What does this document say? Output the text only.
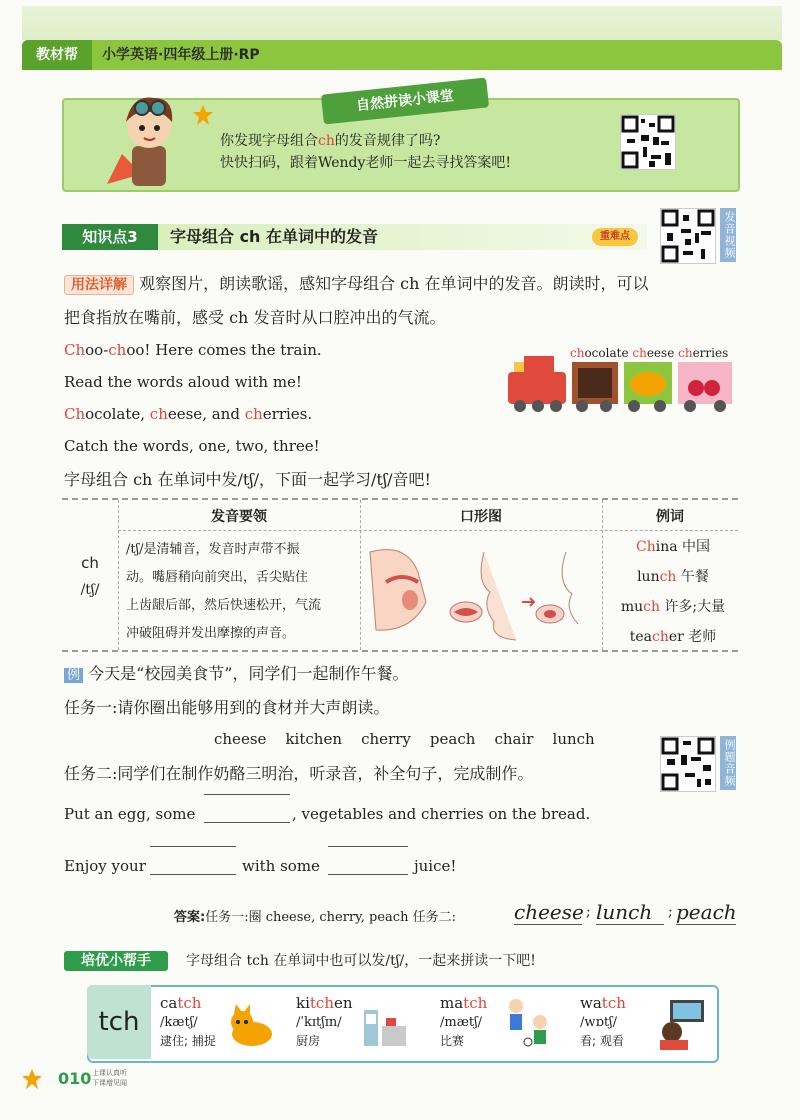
教材帮	小学英语·四年级上册·RP
自然拼读小课堂
你发现字母组合ch的发音规律了吗?
快快扫码，跟着Wendy老师一起去寻找答案吧!
知识点3	字母组合 ch 在单词中的发音	重难点	发音视频
用法详解 观察图片，朗读歌谣，感知字母组合 ch 在单词中的发音。朗读时，可以
把食指放在嘴前，感受 ch 发音时从口腔冲出的气流。
Choo-choo! Here comes the train.
Read the words aloud with me!
Chocolate, cheese, and cherries.
Catch the words, one, two, three!
chocolate cheese cherries
字母组合 ch 在单词中发/tʃ/，下面一起学习/tʃ/音吧!
发音要领	口形图	例词
ch
/tʃ/
/tʃ/是清辅音，发音时声带不振
动。嘴唇稍向前突出，舌尖贴住
上齿龈后部，然后快速松开，气流
冲破阻碍并发出摩擦的声音。
China 中国
lunch 午餐
much 许多;大量
teacher 老师
例 今天是“校园美食节”，同学们一起制作午餐。
任务一:请你圈出能够用到的食材并大声朗读。
cheese kitchen cherry peach chair lunch
任务二:同学们在制作奶酪三明治，听录音，补全句子，完成制作。	例题音频
Put an egg, some	, vegetables and cherries on the bread.
Enjoy your	with some	juice!
答案:任务一:圈 cheese, cherry, peach 任务二:	cheese ; lunch	; peach
培优小帮手	字母组合 tch 在单词中也可以发/tʃ/，一起来拼读一下吧!
tch
catch
/kætʃ/
逮住; 捕捉
kitchen
/ˈkɪtʃɪn/
厨房
match
/mætʃ/
比赛
watch
/wɒtʃ/
看; 观看
010 上课认真听
下课增见闻
